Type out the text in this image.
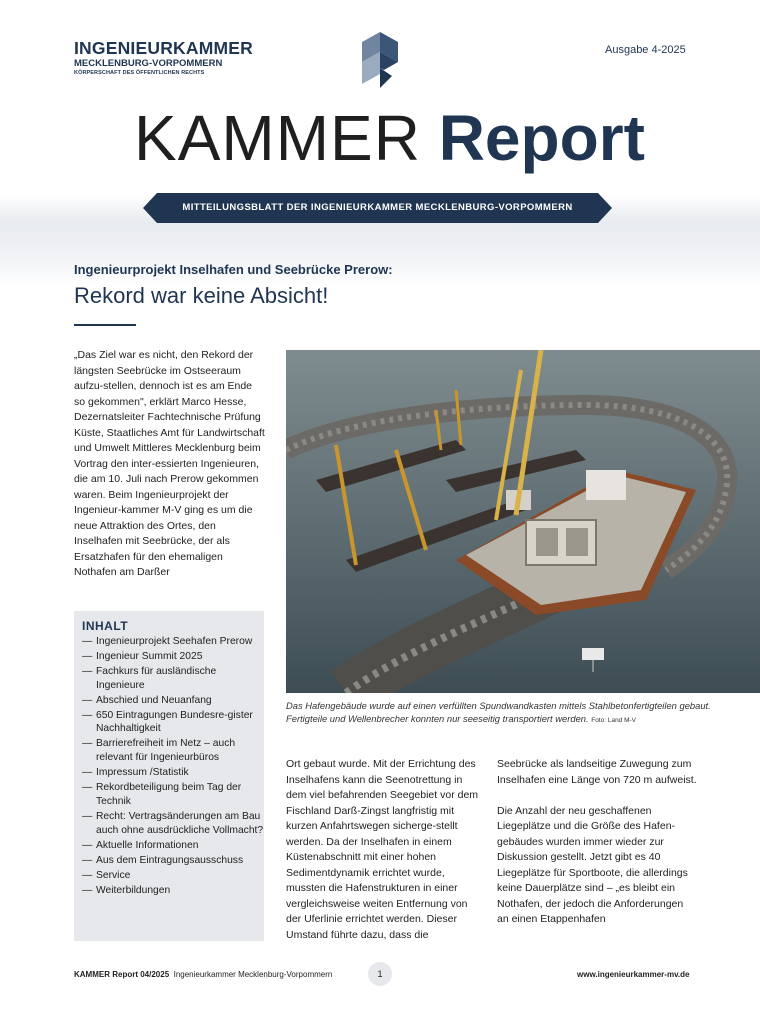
INGENIEURKAMMER
MECKLENBURG-VORPOMMERN
KÖRPERSCHAFT DES ÖFFENTLICHEN RECHTS
Ausgabe 4-2025
KAMMER Report
MITTEILUNGSBLATT DER INGENIEURKAMMER MECKLENBURG-VORPOMMERN
Ingenieurprojekt Inselhafen und Seebrücke Prerow:
Rekord war keine Absicht!
„Das Ziel war es nicht, den Rekord der längsten Seebrücke im Ostseeraum aufzu-stellen, dennoch ist es am Ende so gekommen", erklärt Marco Hesse, Dezernatsleiter Fachtechnische Prüfung Küste, Staatliches Amt für Landwirtschaft und Umwelt Mittleres Mecklenburg beim Vortrag den inter-essierten Ingenieuren, die am 10. Juli nach Prerow gekommen waren. Beim Ingenieurprojekt der Ingenieur-kammer M-V ging es um die neue Attraktion des Ortes, den Inselhafen mit Seebrücke, der als Ersatzhafen für den ehemaligen Nothafen am Darßer
INHALT
— Ingenieurprojekt Seehafen Prerow
— Ingenieur Summit 2025
— Fachkurs für ausländische Ingenieure
— Abschied und Neuanfang
— 650 Eintragungen Bundesre-gister Nachhaltigkeit
— Barrierefreiheit im Netz – auch relevant für Ingenieurbüros
— Impressum /Statistik
— Rekordbeteiligung beim Tag der Technik
— Recht: Vertragsänderungen am Bau auch ohne ausdrückliche Vollmacht?
— Aktuelle Informationen
— Aus dem Eintragungsausschuss
— Service
— Weiterbildungen
Das Hafengebäude wurde auf einen verfüllten Spundwandkasten mittels Stahlbetonfertigteilen gebaut. Fertigteile und Wellenbrecher konnten nur seeseitig transportiert werden. Foto: Land M-V
Ort gebaut wurde. Mit der Errichtung des Inselhafens kann die Seenotrettung in dem viel befahrenden Seegebiet vor dem Fischland Darß-Zingst langfristig mit kurzen Anfahrtswegen sicherge-stellt werden. Da der Inselhafen in einem Küstenabschnitt mit einer hohen Sedimentdynamik errichtet wurde, mussten die Hafenstrukturen in einer vergleichsweise weiten Entfernung von der Uferlinie errichtet werden. Dieser Umstand führte dazu, dass die

Seebrücke als landseitige Zuwegung zum Inselhafen eine Länge von 720 m aufweist.

Die Anzahl der neu geschaffenen Liegeplätze und die Größe des Hafen-gebäudes wurden immer wieder zur Diskussion gestellt. Jetzt gibt es 40 Liegeplätze für Sportboote, die allerdings keine Dauerplätze sind – „es bleibt ein Nothafen, der jedoch die Anforderungen an einen Etappenhafen

KAMMER Report 04/2025 Ingenieurkammer Mecklenburg-Vorpommern	1	www.ingenieurkammer-mv.de
